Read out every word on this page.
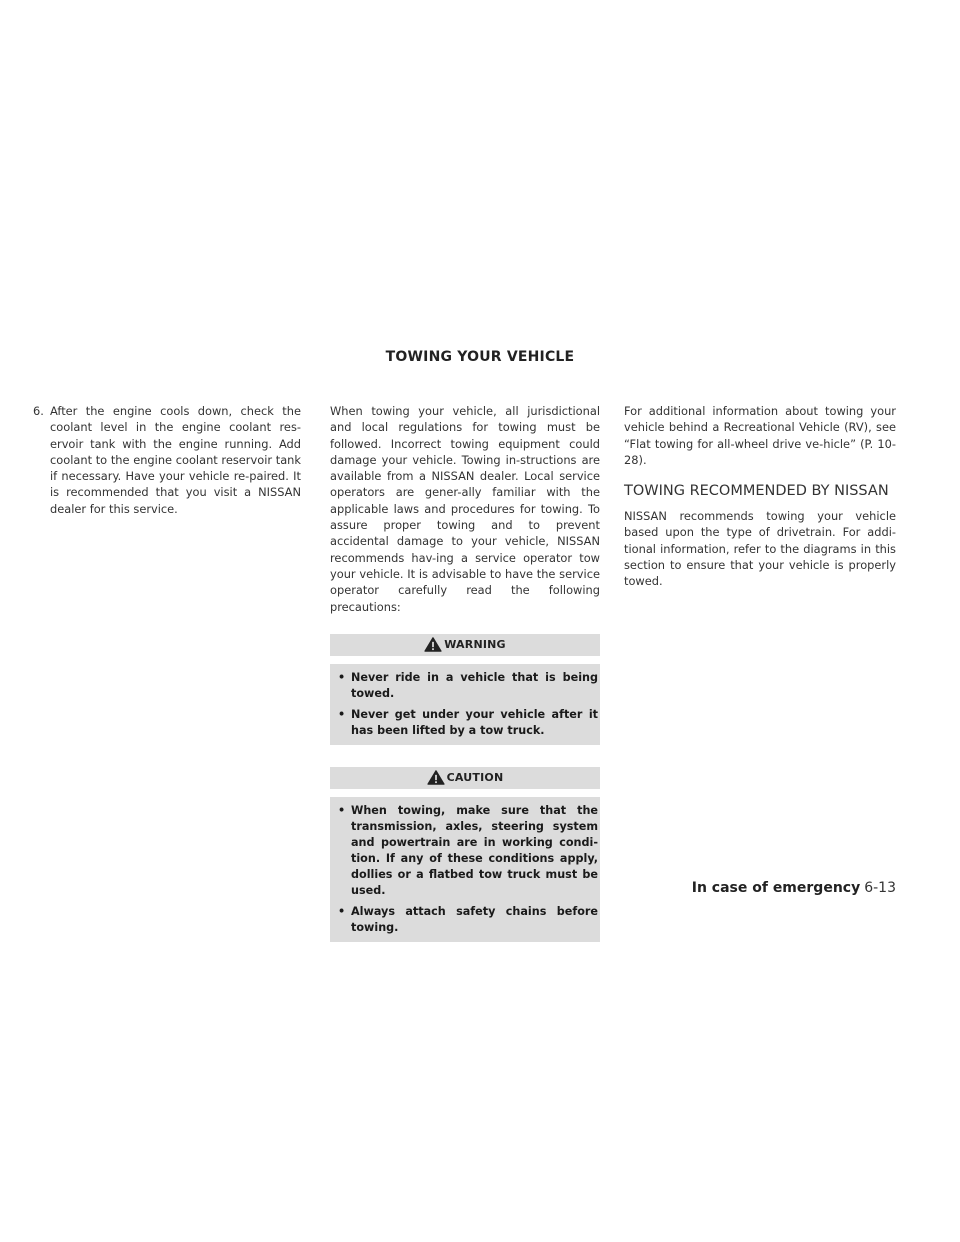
TOWING YOUR VEHICLE
6. After the engine cools down, check the coolant level in the engine coolant res-ervoir tank with the engine running. Add coolant to the engine coolant reservoir tank if necessary. Have your vehicle re-paired. It is recommended that you visit a NISSAN dealer for this service.

When towing your vehicle, all jurisdictional and local regulations for towing must be followed. Incorrect towing equipment could damage your vehicle. Towing in-structions are available from a NISSAN dealer. Local service operators are gener-ally familiar with the applicable laws and procedures for towing. To assure proper towing and to prevent accidental damage to your vehicle, NISSAN recommends hav-ing a service operator tow your vehicle. It is advisable to have the service operator carefully read the following precautions:

WARNING
• Never ride in a vehicle that is being towed.
• Never get under your vehicle after it has been lifted by a tow truck.
CAUTION
• When towing, make sure that the transmission, axles, steering system and powertrain are in working condi-tion. If any of these conditions apply, dollies or a flatbed tow truck must be used.
• Always attach safety chains before towing.

For additional information about towing your vehicle behind a Recreational Vehicle (RV), see “Flat towing for all-wheel drive ve-hicle” (P. 10-28).

TOWING RECOMMENDED BY NISSAN

NISSAN recommends towing your vehicle based upon the type of drivetrain. For addi-tional information, refer to the diagrams in this section to ensure that your vehicle is properly towed.

In case of emergency 6-13
